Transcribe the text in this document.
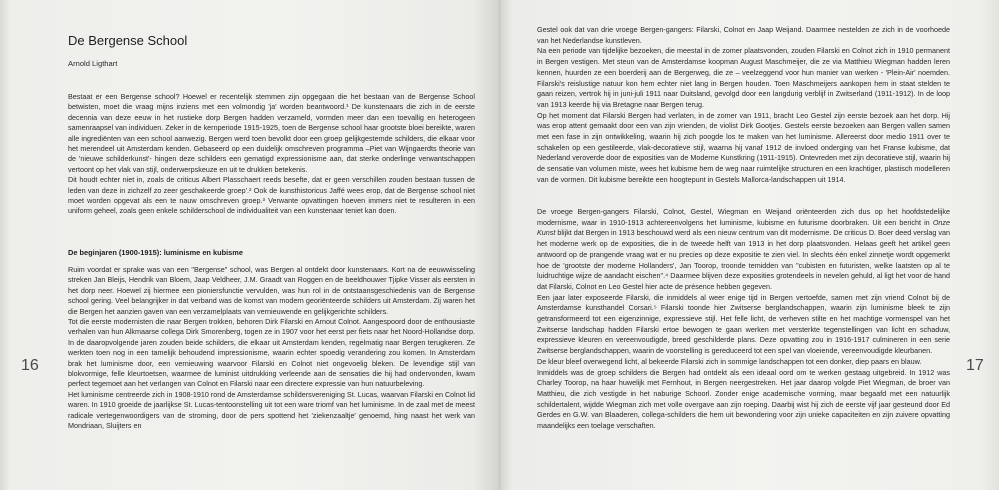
De Bergense School
Arnold Ligthart

Bestaat er een Bergense school? Hoewel er recentelijk stemmen zijn opgegaan die het bestaan van de Bergense School betwisten, moet die vraag mijns inziens met een volmondig 'ja' worden beantwoord.¹ De kunstenaars die zich in de eerste decennia van deze eeuw in het rustieke dorp Bergen hadden verzameld, vormden meer dan een toevallig en heterogeen samenraapsel van individuen. Zeker in de kernperiode 1915-1925, toen de Bergense school haar grootste bloei bereikte, waren alle ingrediënten van een school aanwezig. Bergen werd toen bevolkt door een groep gelijkgestemde schilders, die elkaar voor het merendeel uit Amsterdam kenden. Gebaseerd op een duidelijk omschreven programma –Piet van Wijngaerdts theorie van de 'nieuwe schilderkunst'- hingen deze schilders een gematigd expressionisme aan, dat sterke onderlinge verwantschappen vertoont op het vlak van stijl, onderwerpskeuze en uit te drukken betekenis.

Dit houdt echter niet in, zoals de criticus Albert Plasschaert reeds besefte, dat er geen verschillen zouden bestaan tussen de leden van deze in zichzelf zo zeer geschakeerde groep'.² Ook de kunsthistoricus Jaffé wees erop, dat de Bergense school niet moet worden opgevat als een te nauw omschreven groep.³ Verwante opvattingen hoeven immers niet te resulteren in een uniform geheel, zoals geen enkele schilderschool de individualiteit van een kunstenaar teniet kan doen.

De beginjaren (1900-1915): luminisme en kubisme

Ruim voordat er sprake was van een "Bergense" school, was Bergen al ontdekt door kunstenaars. Kort na de eeuwwisseling streken Jan Bleijs, Hendrik van Bloem, Jaap Veldheer, J.M. Graadt van Roggen en de beeldhouwer Tjipke Visser als eersten in het dorp neer. Hoewel zij hiermee een pioniersfunctie vervulden, was hun rol in de ontstaansgeschiedenis van de Bergense school gering. Veel belangrijker in dat verband was de komst van modern georiënteerde schilders uit Amsterdam. Zij waren het die Bergen het aanzien gaven van een verzamelplaats van vernieuwende en gelijkgerichte schilders.

Tot die eerste modernisten die naar Bergen trokken, behoren Dirk Filarski en Arnout Colnot. Aangespoord door de enthousiaste verhalen van hun Alkmaarse collega Dirk Smorenberg, togen ze in 1907 voor het eerst per fiets naar het Noord-Hollandse dorp. In de daaropvolgende jaren zouden beide schilders, die elkaar uit Amsterdam kenden, regelmatig naar Bergen terugkeren. Ze werkten toen nog in een tamelijk behoudend impressionisme, waarin echter spoedig verandering zou komen. In Amsterdam brak het luminisme door, een vernieuwing waarvoor Filarski en Colnot niet ongevoelig bleken. De levendige stijl van blokvormige, felle kleurtoetsen, waarmee de luminist uitdrukking verleende aan de sensaties die hij had ondervonden, kwam perfect tegemoet aan het verlangen van Colnot en Filarski naar een directere expressie van hun natuurbeleving.

Het luminisme centreerde zich in 1908-1910 rond de Amsterdamse schildersvereniging St. Lucas, waarvan Filarski en Colnot lid waren. In 1910 groeide de jaarlijkse St. Lucas-tentoonstelling uit tot een ware triomf van het luminisme. In de zaal met de meest radicale vertegenwoordigers van de stroming, door de pers spottend het 'ziekenzaaltje' genoemd, hing naast het werk van Mondriaan, Sluijters en

16

Gestel ook dat van drie vroege Bergen-gangers: Filarski, Colnot en Jaap Weijand. Daarmee nestelden ze zich in de voorhoede van het Nederlandse kunstleven.

Na een periode van tijdelijke bezoeken, die meestal in de zomer plaatsvonden, zouden Filarski en Colnot zich in 1910 permanent in Bergen vestigen. Met steun van de Amsterdamse koopman August Maschmeijer, die ze via Matthieu Wiegman hadden leren kennen, huurden ze een boerderij aan de Bergerweg, die ze – veelzeggend voor hun manier van werken - 'Plein-Air' noemden. Filarski's reislustige natuur kon hem echter niet lang in Bergen houden. Toen Maschmeijers aankopen hem in staat stelden te gaan reizen, vertrok hij in juni-juli 1911 naar Duitsland, gevolgd door een langdurig verblijf in Zwitserland (1911-1912). In de loop van 1913 keerde hij via Bretagne naar Bergen terug.

Op het moment dat Filarski Bergen had verlaten, in de zomer van 1911, bracht Leo Gestel zijn eerste bezoek aan het dorp. Hij was erop attent gemaakt door een van zijn vrienden, de violist Dirk Gootjes. Gestels eerste bezoeken aan Bergen vallen samen met een fase in zijn ontwikkeling, waarin hij zich poogde los te maken van het luminisme. Allereerst door medio 1911 over te schakelen op een gestileerde, vlak-decoratieve stijl, waarna hij vanaf 1912 de invloed onderging van het Franse kubisme, dat Nederland veroverde door de exposities van de Moderne Kunstkring (1911-1915). Ontevreden met zijn decoratieve stijl, waarin hij de sensatie van volumen miste, wees het kubisme hem de weg naar ruimtelijke structuren en een krachtiger, plastisch modelleren van de vormen. Dit kubisme bereikte een hoogtepunt in Gestels Mallorca-landschappen uit 1914.

De vroege Bergen-gangers Filarski, Colnot, Gestel, Wiegman en Weijand oriënteerden zich dus op het hoofdstedelijke modernisme, waar in 1910-1913 achtereenvolgens het luminisme, kubisme en futurisme doorbraken. Uit een bericht in Onze Kunst blijkt dat Bergen in 1913 beschouwd werd als een nieuw centrum van dit modernisme. De criticus D. Boer deed verslag van het moderne werk op de exposities, die in de tweede helft van 1913 in het dorp plaatsvonden. Helaas geeft het artikel geen antwoord op de prangende vraag wat er nu precies op deze expositie te zien viel. In slechts één enkel zinnetje wordt opgemerkt hoe de 'grootste der moderne Hollanders', Jan Toorop, troonde temidden van "cubisten en futuristen, welke laatsten op al te luidruchtige wijze de aandacht eischen".⁴ Daarmee blijven deze exposities grotendeels in nevelen gehuld, al ligt het voor de hand dat Filarski, Colnot en Leo Gestel hier acte de présence hebben gegeven.

Een jaar later exposeerde Filarski, die inmiddels al weer enige tijd in Bergen vertoefde, samen met zijn vriend Colnot bij de Amsterdamse kunsthandel Corsari.⁵ Filarski toonde hier Zwitserse berglandschappen, waarin zijn luminisme bleek te zijn getransformeerd tot een eigenzinnige, expressieve stijl. Het felle licht, de verheven stilte en het machtige vormenspel van het Zwitserse landschap hadden Filarski ertoe bewogen te gaan werken met versterkte tegenstellingen van licht en schaduw, expressieve kleuren en vereenvoudigde, breed geschilderde plans. Deze opvatting zou in 1916-1917 culmineren in een serie Zwitserse berglandschappen, waarin de voorstelling is gereduceerd tot een spel van vloeiende, vereenvoudigde kleurbanen.

De kleur bleef overwegend licht, al bekeerde Filarski zich in sommige landschappen tot een donker, diep paars en blauw.

Inmiddels was de groep schilders die Bergen had ontdekt als een ideaal oord om te werken gestaag uitgebreid. In 1912 was Charley Toorop, na haar huwelijk met Fernhout, in Bergen neergestreken. Het jaar daarop volgde Piet Wiegman, de broer van Matthieu, die zich vestigde in het naburige Schoorl. Zonder enige academische vorming, maar begaafd met een natuurlijk schildertalent, wijdde Wiegman zich met volle overgave aan zijn roeping. Daarbij wist hij zich de eerste vijf jaar gesteund door Ed Gerdes en G.W. van Blaaderen, collega-schilders die hem uit bewondering voor zijn unieke capaciteiten en zijn zuivere opvatting maandelijks een toelage verschaften.

17
